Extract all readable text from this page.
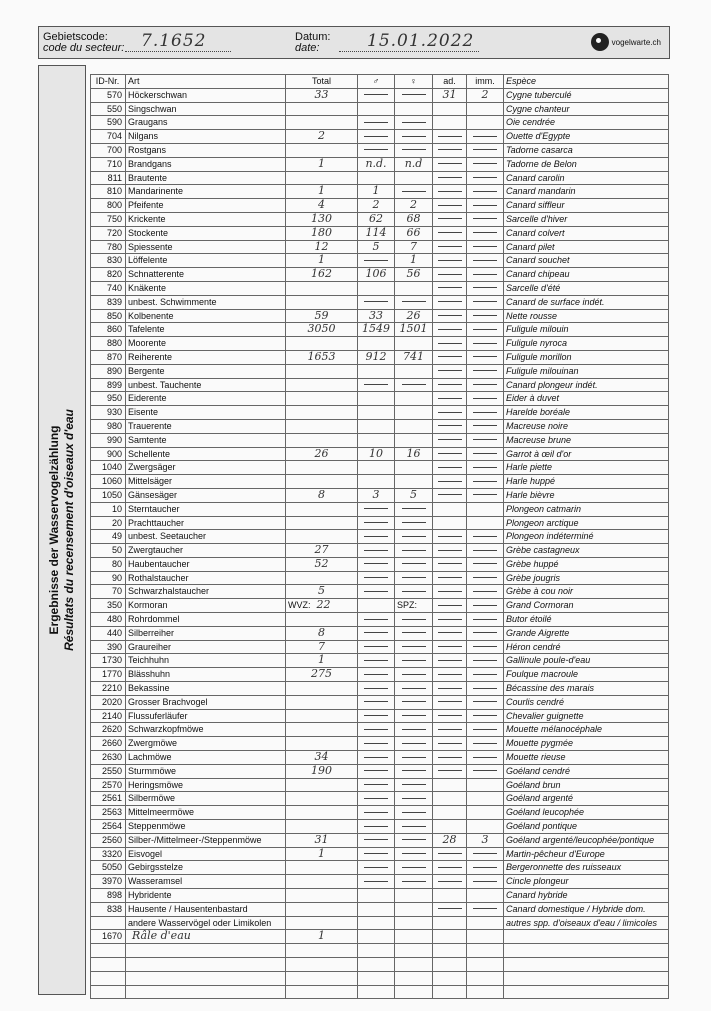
Gebietscode:
code du secteur: 7.1652	Datum:
date:	15.01.2022	vogelwarte.ch
Ergebnisse der Wasservogelzählung Résultats du recensement d'oiseaux d'eau
ID-Nr.	Art	Total	♂	♀	ad.	imm.	Espèce
570	Höckerschwan	33			31	2	Cygne tuberculé
550	Singschwan						Cygne chanteur
590	Graugans						Oie cendrée
704	Nilgans	2					Ouette d'Egypte
700	Rostgans						Tadorne casarca
710	Brandgans	1	n.d.	n.d			Tadorne de Belon
811	Brautente						Canard carolin
810	Mandarinente	1	1				Canard mandarin
800	Pfeifente	4	2	2			Canard siffleur
750	Krickente	130	62	68			Sarcelle d'hiver
720	Stockente	180	114	66			Canard colvert
780	Spiessente	12	5	7			Canard pilet
830	Löffelente	1		1			Canard souchet
820	Schnatterente	162	106	56			Canard chipeau
740	Knäkente						Sarcelle d'été
839	unbest. Schwimmente						Canard de surface indét.
850	Kolbenente	59	33	26			Nette rousse
860	Tafelente	3050	1549	1501			Fuligule milouin
880	Moorente						Fuligule nyroca
870	Reiherente	1653	912	741			Fuligule morillon
890	Bergente						Fuligule milouinan
899	unbest. Tauchente						Canard plongeur indét.
950	Eiderente						Eider à duvet
930	Eisente						Harelde boréale
980	Trauerente						Macreuse noire
990	Samtente						Macreuse brune
900	Schellente	26	10	16			Garrot à œil d'or
1040	Zwergsäger						Harle piette
1060	Mittelsäger						Harle huppé
1050	Gänsesäger	8	3	5			Harle bièvre
10	Sterntaucher						Plongeon catmarin
20	Prachttaucher						Plongeon arctique
49	unbest. Seetaucher						Plongeon indéterminé
50	Zwergtaucher	27					Grèbe castagneux
80	Haubentaucher	52					Grèbe huppé
90	Rothalstaucher						Grèbe jougris
70	Schwarzhalstaucher	5					Grèbe à cou noir
350	Kormoran	WVZ: 22		SPZ:			Grand Cormoran
480	Rohrdommel						Butor étoilé
440	Silberreiher	8					Grande Aigrette
390	Graureiher	7					Héron cendré
1730	Teichhuhn	1					Gallinule poule-d'eau
1770	Blässhuhn	275					Foulque macroule
2210	Bekassine						Bécassine des marais
2020	Grosser Brachvogel						Courlis cendré
2140	Flussuferläufer						Chevalier guignette
2620	Schwarzkopfmöwe						Mouette mélanocéphale
2660	Zwergmöwe						Mouette pygmée
2630	Lachmöwe	34					Mouette rieuse
2550	Sturmmöwe	190					Goéland cendré
2570	Heringsmöwe						Goéland brun
2561	Silbermöwe						Goéland argenté
2563	Mittelmeermöwe						Goéland leucophée
2564	Steppenmöwe						Goéland pontique
2560	Silber-/Mittelmeer-/Steppenmöwe	31			28	3	Goéland argenté/leucophée/pontique
3320	Eisvogel	1					Martin-pêcheur d'Europe
5050	Gebirgsstelze						Bergeronnette des ruisseaux
3970	Wasseramsel						Cincle plongeur
898	Hybridente						Canard hybride
838	Hausente / Hausentenbastard						Canard domestique / Hybride dom.
	andere Wasservögel oder Limikolen						autres spp. d'oiseaux d'eau / limicoles
1670	Râle d'eau	1					
